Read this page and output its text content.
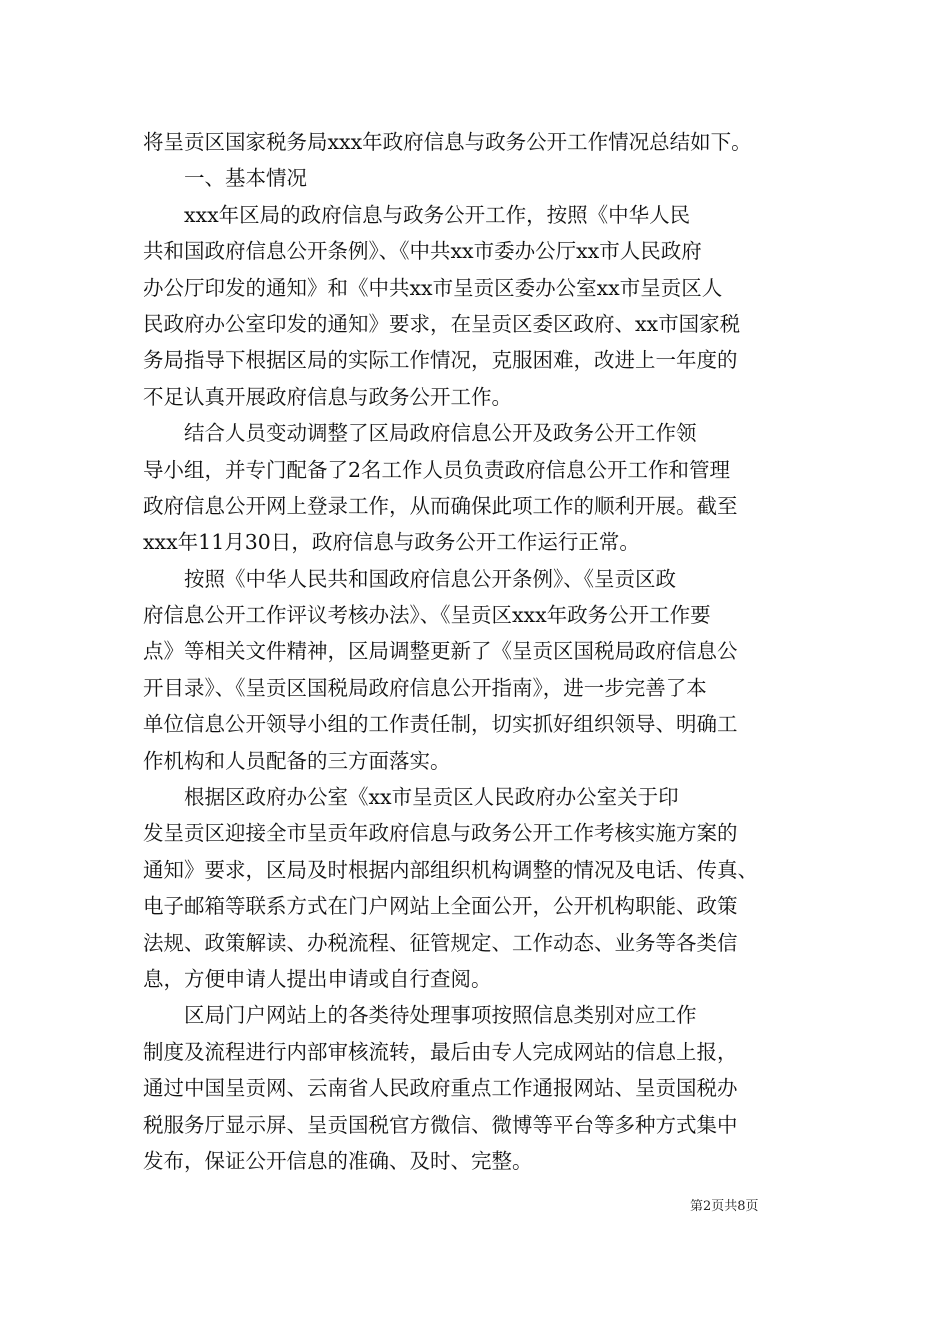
将呈贡区国家税务局xxx年政府信息与政务公开工作情况总结如下。
　　一、基本情况
　　xxx年区局的政府信息与政务公开工作，按照《中华人民
共和国政府信息公开条例》、《中共xx市委办公厅xx市人民政府
办公厅印发的通知》和《中共xx市呈贡区委办公室xx市呈贡区人
民政府办公室印发的通知》要求，在呈贡区委区政府、xx市国家税
务局指导下根据区局的实际工作情况，克服困难，改进上一年度的
不足认真开展政府信息与政务公开工作。
　　结合人员变动调整了区局政府信息公开及政务公开工作领
导小组，并专门配备了2名工作人员负责政府信息公开工作和管理
政府信息公开网上登录工作，从而确保此项工作的顺利开展。截至
xxx年11月30日，政府信息与政务公开工作运行正常。
　　按照《中华人民共和国政府信息公开条例》、《呈贡区政
府信息公开工作评议考核办法》、《呈贡区xxx年政务公开工作要
点》等相关文件精神，区局调整更新了《呈贡区国税局政府信息公
开目录》、《呈贡区国税局政府信息公开指南》，进一步完善了本
单位信息公开领导小组的工作责任制，切实抓好组织领导、明确工
作机构和人员配备的三方面落实。
　　根据区政府办公室《xx市呈贡区人民政府办公室关于印
发呈贡区迎接全市呈贡年政府信息与政务公开工作考核实施方案的
通知》要求，区局及时根据内部组织机构调整的情况及电话、传真、
电子邮箱等联系方式在门户网站上全面公开，公开机构职能、政策
法规、政策解读、办税流程、征管规定、工作动态、业务等各类信
息，方便申请人提出申请或自行查阅。
　　区局门户网站上的各类待处理事项按照信息类别对应工作
制度及流程进行内部审核流转，最后由专人完成网站的信息上报，
通过中国呈贡网、云南省人民政府重点工作通报网站、呈贡国税办
税服务厅显示屏、呈贡国税官方微信、微博等平台等多种方式集中
发布，保证公开信息的准确、及时、完整。
第2页共8页
